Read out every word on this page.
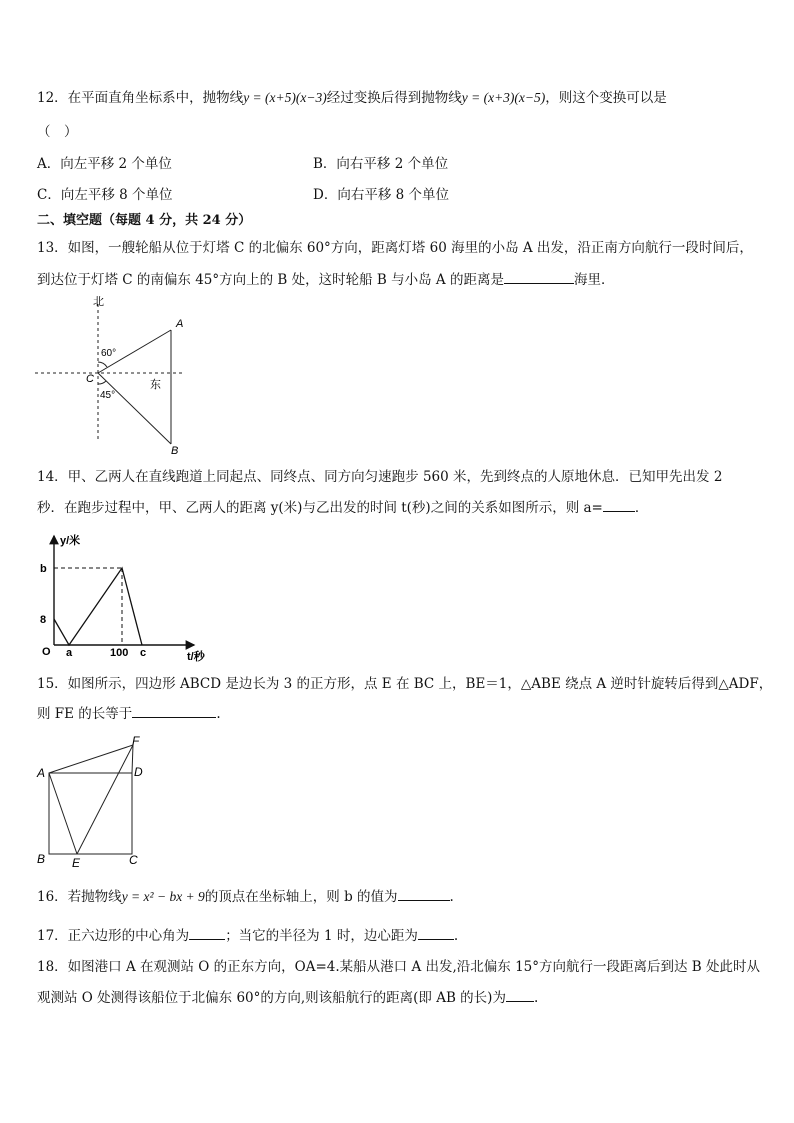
12．在平面直角坐标系中，抛物线y = (x+5)(x−3)经过变换后得到抛物线y = (x+3)(x−5)，则这个变换可以是
（　）
A．向左平移 2 个单位	B．向右平移 2 个单位
C．向左平移 8 个单位	D．向右平移 8 个单位
二、填空题（每题 4 分，共 24 分）
13．如图，一艘轮船从位于灯塔 C 的北偏东 60°方向，距离灯塔 60 海里的小岛 A 出发，沿正南方向航行一段时间后，
到达位于灯塔 C 的南偏东 45°方向上的 B 处，这时轮船 B 与小岛 A 的距离是	海里．
北
东
A
B
C
60°
45°
14．甲、乙两人在直线跑道上同起点、同终点、同方向匀速跑步 560 米，先到终点的人原地休息．已知甲先出发 2
秒．在跑步过程中，甲、乙两人的距离 y(米)与乙出发的时间 t(秒)之间的关系如图所示，则 a= ．
y/米
t/秒
b
8
O a	100 c
15．如图所示，四边形 ABCD 是边长为 3 的正方形，点 E 在 BC 上，BE＝1，△ABE 绕点 A 逆时针旋转后得到△ADF，
则 FE 的长等于	.
A
B	C
D
E
F
16．若抛物线y = x² − bx + 9的顶点在坐标轴上，则 b 的值为	.
17．正六边形的中心角为	；当它的半径为 1 时，边心距为	.
18．如图港口 A 在观测站 O 的正东方向，OA=4.某船从港口 A 出发,沿北偏东 15°方向航行一段距离后到达 B 处此时从
观测站 O 处测得该船位于北偏东 60°的方向,则该船航行的距离(即 AB 的长)为 .
